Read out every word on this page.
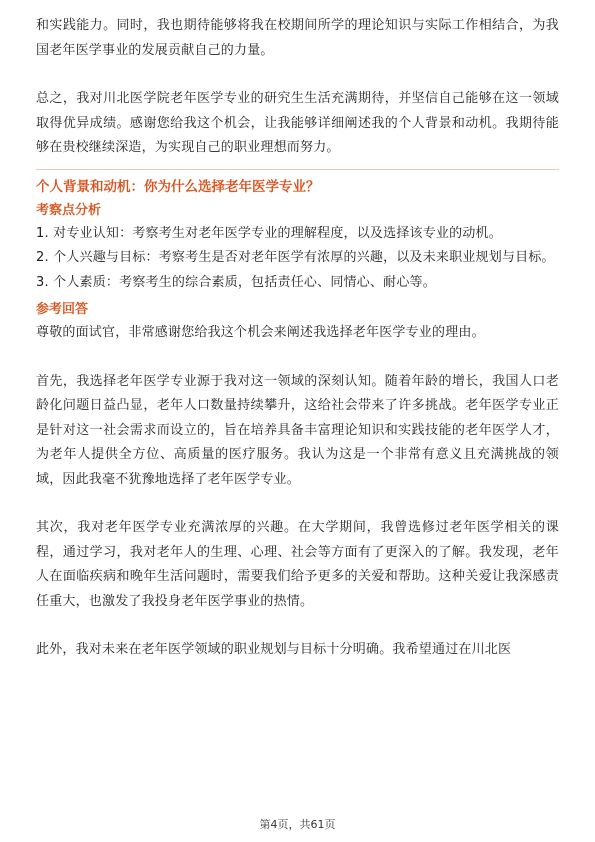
和实践能力。同时，我也期待能够将我在校期间所学的理论知识与实际工作相结合，为我国老年医学事业的发展贡献自己的力量。

总之，我对川北医学院老年医学专业的研究生生活充满期待，并坚信自己能够在这一领域取得优异成绩。感谢您给我这个机会，让我能够详细阐述我的个人背景和动机。我期待能够在贵校继续深造，为实现自己的职业理想而努力。

个人背景和动机：你为什么选择老年医学专业？
考察点分析

1. 对专业认知：考察考生对老年医学专业的理解程度，以及选择该专业的动机。

2. 个人兴趣与目标：考察考生是否对老年医学有浓厚的兴趣，以及未来职业规划与目标。

3. 个人素质：考察考生的综合素质，包括责任心、同情心、耐心等。

参考回答

尊敬的面试官，非常感谢您给我这个机会来阐述我选择老年医学专业的理由。

首先，我选择老年医学专业源于我对这一领域的深刻认知。随着年龄的增长，我国人口老龄化问题日益凸显，老年人口数量持续攀升，这给社会带来了许多挑战。老年医学专业正是针对这一社会需求而设立的，旨在培养具备丰富理论知识和实践技能的老年医学人才，为老年人提供全方位、高质量的医疗服务。我认为这是一个非常有意义且充满挑战的领域，因此我毫不犹豫地选择了老年医学专业。

其次，我对老年医学专业充满浓厚的兴趣。在大学期间，我曾选修过老年医学相关的课程，通过学习，我对老年人的生理、心理、社会等方面有了更深入的了解。我发现，老年人在面临疾病和晚年生活问题时，需要我们给予更多的关爱和帮助。这种关爱让我深感责任重大，也激发了我投身老年医学事业的热情。

此外，我对未来在老年医学领域的职业规划与目标十分明确。我希望通过在川北医

第4页，共61页
